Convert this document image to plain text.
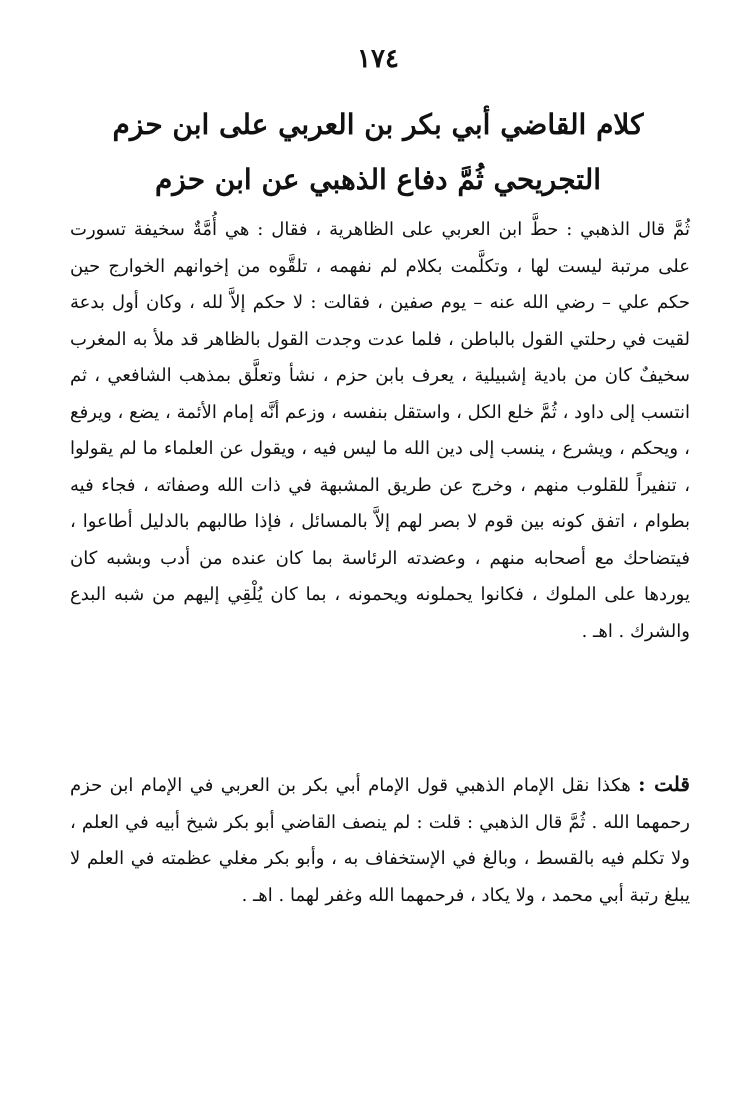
١٧٤
كلام القاضي أبي بكر بن العربي على ابن حزم
التجريحي ثُمَّ دفاع الذهبي عن ابن حزم

ثُمَّ قال الذهبي : حطَّ ابن العربي على الظاهرية ، فقال : هي أُمَّةٌ سخيفة تسورت على مرتبة ليست لها ، وتكلَّمت بكلام لم نفهمه ، تلقَّوه من إخوانهم الخوارج حين حكم علي – رضي الله عنه – يوم صفين ، فقالت : لا حكم إلاَّ لله ، وكان أول بدعة لقيت في رحلتي القول بالباطن ، فلما عدت وجدت القول بالظاهر قد ملأ به المغرب سخيفٌ كان من بادية إشبيلية ، يعرف بابن حزم ، نشأ وتعلَّق بمذهب الشافعي ، ثم انتسب إلى داود ، ثُمَّ خلع الكل ، واستقل بنفسه ، وزعم أنَّه إمام الأئمة ، يضع ، ويرفع ، ويحكم ، ويشرع ، ينسب إلى دين الله ما ليس فيه ، ويقول عن العلماء ما لم يقولوا ، تنفيراً للقلوب منهم ، وخرج عن طريق المشبهة في ذات الله وصفاته ، فجاء فيه بطوام ، اتفق كونه بين قوم لا بصر لهم إلاَّ بالمسائل ، فإذا طالبهم بالدليل أطاعوا ، فيتضاحك مع أصحابه منهم ، وعضدته الرئاسة بما كان عنده من أدب وبشبه كان يوردها على الملوك ، فكانوا يحملونه ويحمونه ، بما كان يُلْقِي إليهم من شبه البدع والشرك . اهـ .

قلت : هكذا نقل الإمام الذهبي قول الإمام أبي بكر بن العربي في الإمام ابن حزم رحمهما الله . ثُمَّ قال الذهبي : قلت : لم ينصف القاضي أبو بكر شيخ أبيه في العلم ، ولا تكلم فيه بالقسط ، وبالغ في الإستخفاف به ، وأبو بكر مغلي عظمته في العلم لا يبلغ رتبة أبي محمد ، ولا يكاد ، فرحمهما الله وغفر لهما . اهـ .
